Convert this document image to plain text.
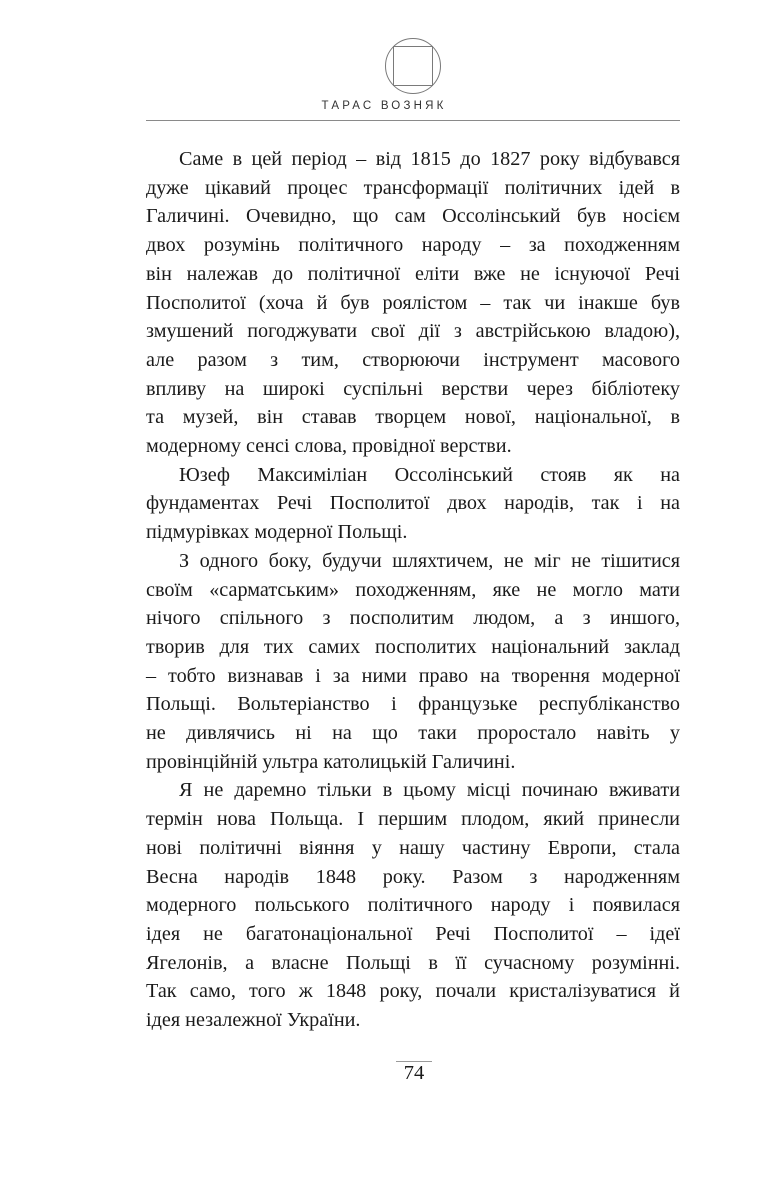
ТАРАС ВОЗНЯК
Саме в цей період – від 1815 до 1827 року відбувався
дуже цікавий процес трансформації політичних ідей в
Галичині. Очевидно, що сам Оссолінський був носієм
двох розумінь політичного народу – за походженням
він належав до політичної еліти вже не існуючої Речі
Посполитої (хоча й був роялістом – так чи інакше був
змушений погоджувати свої дії з австрійською владою),
але разом з тим, створюючи інструмент масового
впливу на широкі суспільні верстви через бібліотеку
та музей, він ставав творцем нової, національної, в
модерному сенсі слова, провідної верстви.
Юзеф Максиміліан Оссолінський стояв як на
фундаментах Речі Посполитої двох народів, так і на
підмурівках модерної Польщі.
З одного боку, будучи шляхтичем, не міг не тішитися
своїм «сарматським» походженням, яке не могло мати
нічого спільного з посполитим людом, а з иншого,
творив для тих самих посполитих національний заклад
– тобто визнавав і за ними право на творення модерної
Польщі. Вольтеріанство і французьке республіканство
не дивлячись ні на що таки проростало навіть у
провінційній ультра католицькій Галичині.
Я не даремно тільки в цьому місці починаю вживати
термін нова Польща. І першим плодом, який принесли
нові політичні віяння у нашу частину Европи, стала
Весна народів 1848 року. Разом з народженням
модерного польського політичного народу і появилася
ідея не багатонаціональної Речі Посполитої – ідеї
Ягелонів, а власне Польщі в її сучасному розумінні.
Так само, того ж 1848 року, почали кристалізуватися й
ідея незалежної України.
74
